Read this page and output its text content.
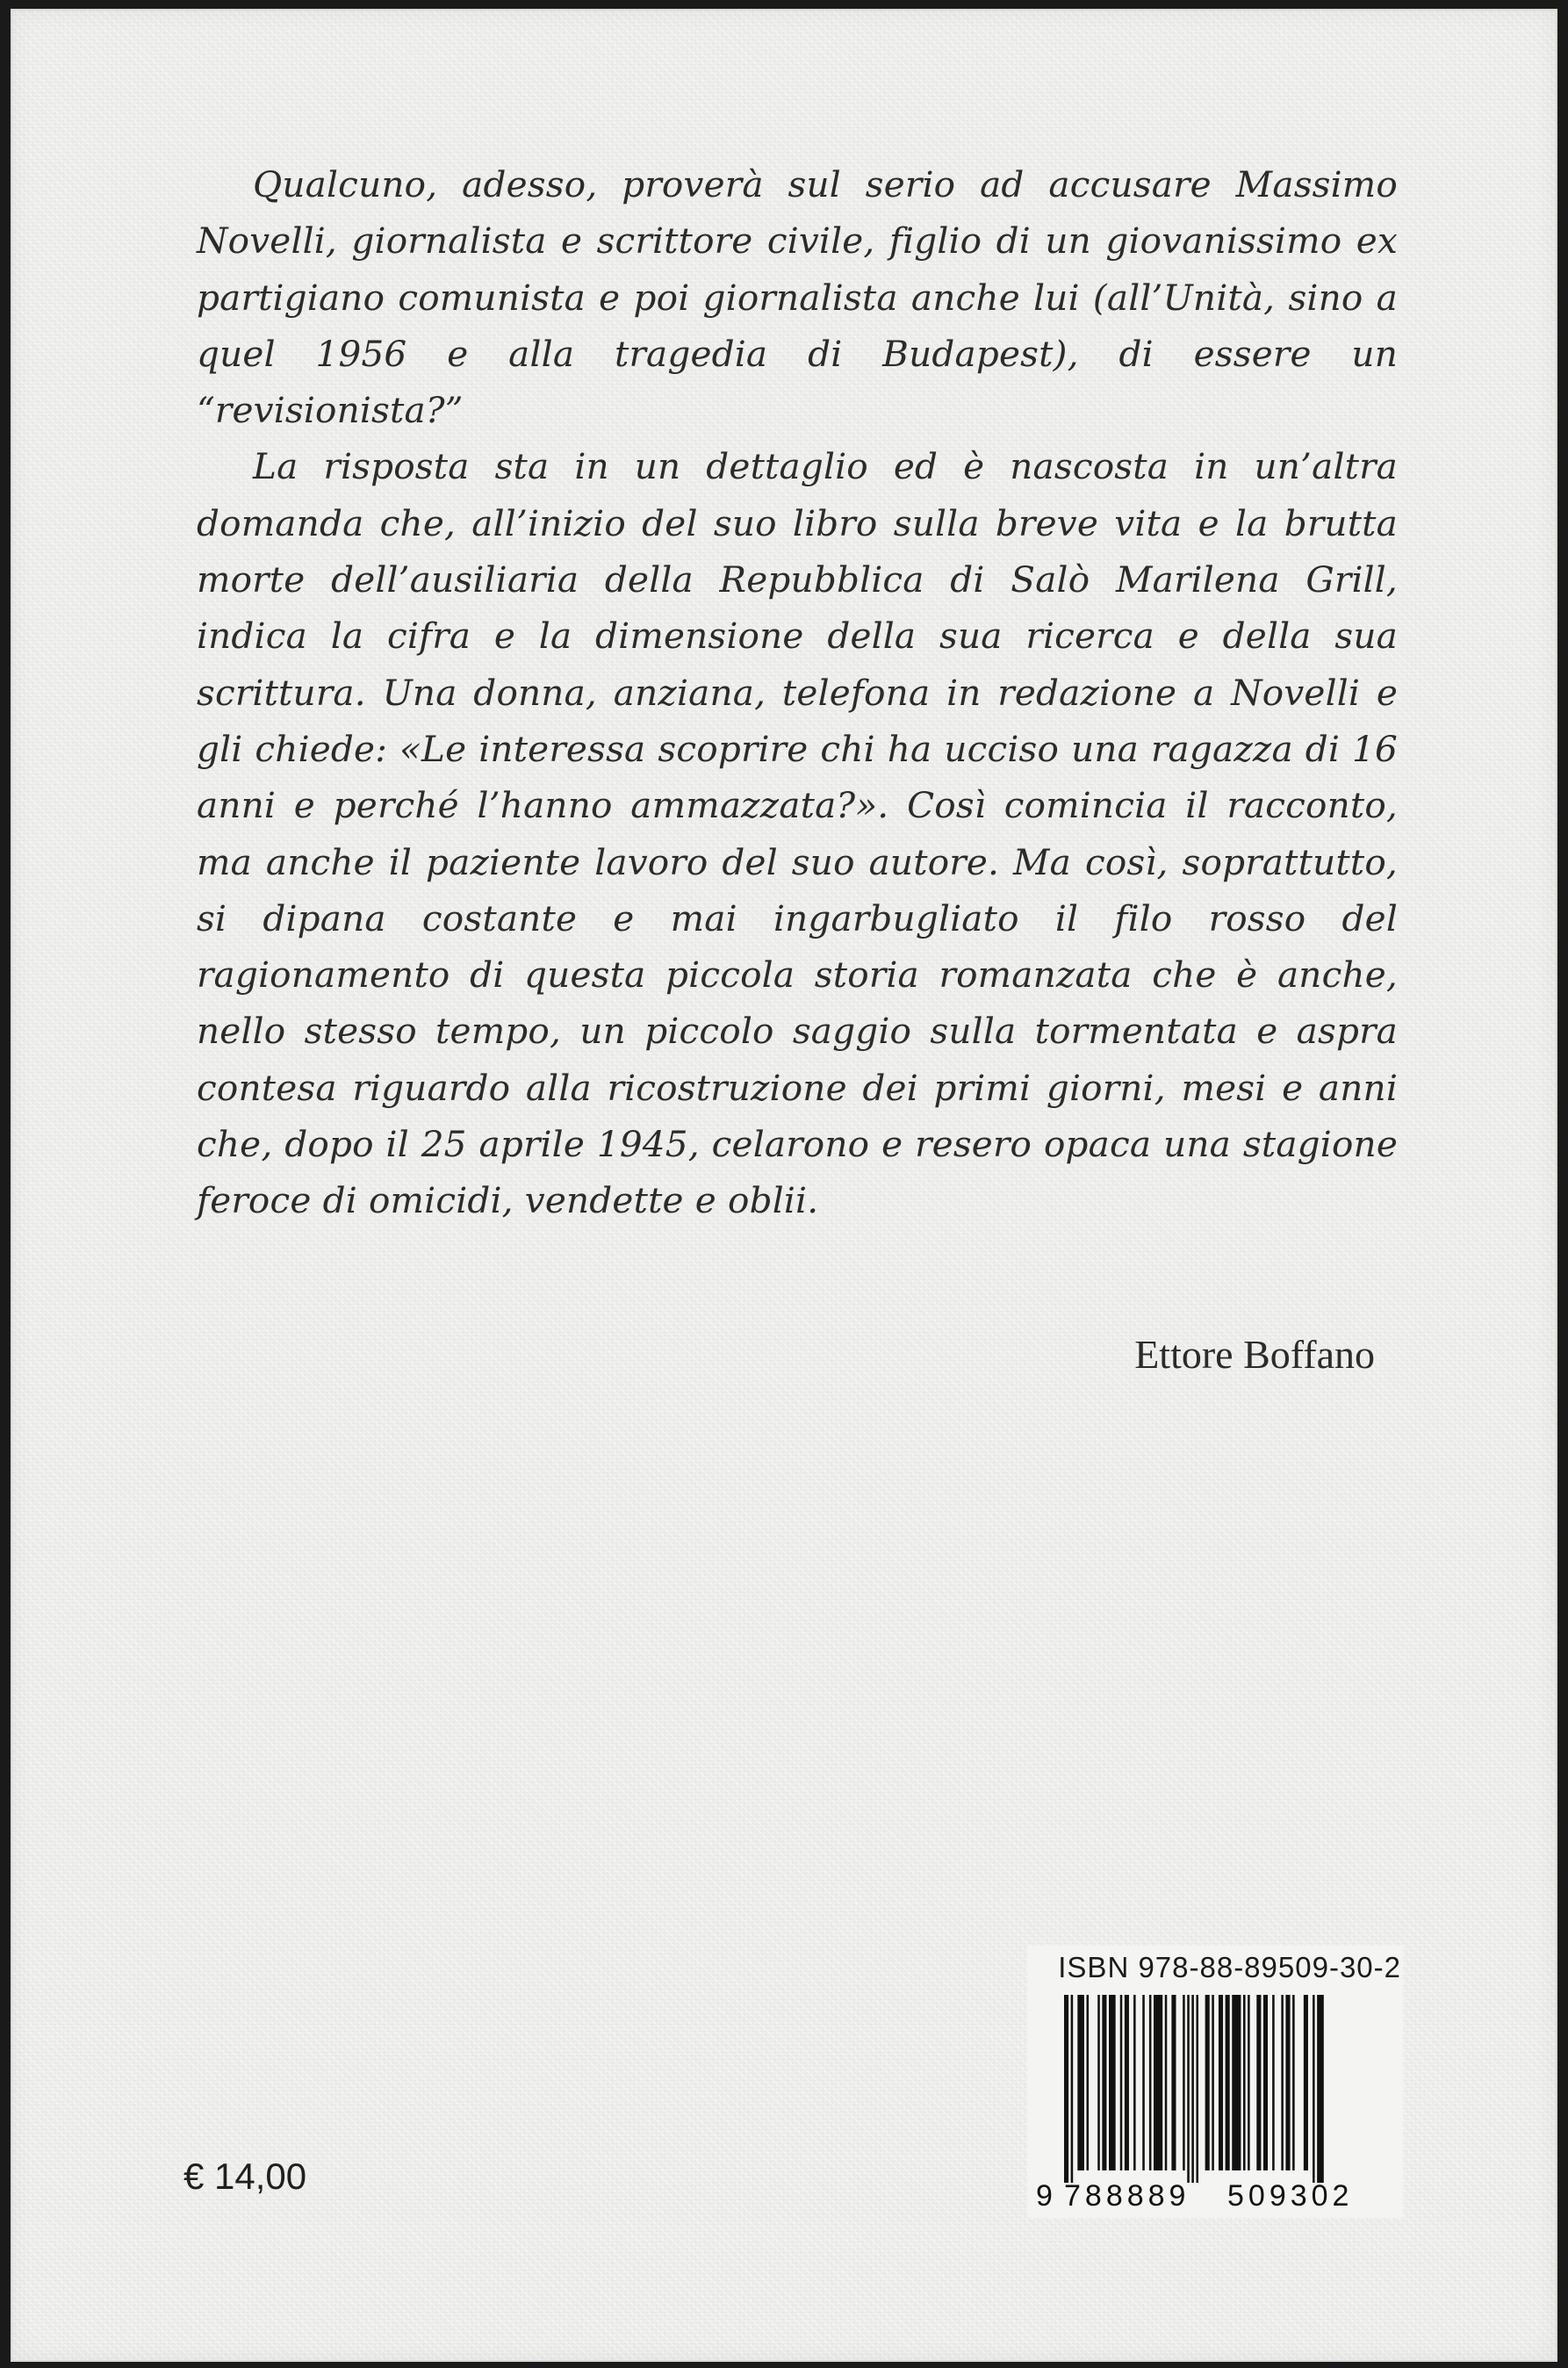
Qualcuno, adesso, proverà sul serio ad accusare Massimo Novelli, giornalista e scrittore civile, figlio di un giovanissimo ex partigiano comunista e poi giornalista anche lui (all’Unità, sino a quel 1956 e alla tragedia di Budapest), di essere un “revisionista?”

La risposta sta in un dettaglio ed è nascosta in un’altra domanda che, all’inizio del suo libro sulla breve vita e la brutta morte dell’ausiliaria della Repubblica di Salò Marilena Grill, indica la cifra e la dimensione della sua ricerca e della sua scrittura. Una donna, anziana, telefona in redazione a Novelli e gli chiede: «Le interessa scoprire chi ha ucciso una ragazza di 16 anni e perché l’hanno ammazzata?». Così comincia il racconto, ma anche il paziente lavoro del suo autore. Ma così, soprattutto, si dipana costante e mai ingarbugliato il filo rosso del ragionamento di questa piccola storia romanzata che è anche, nello stesso tempo, un piccolo saggio sulla tormentata e aspra contesa riguardo alla ricostruzione dei primi giorni, mesi e anni che, dopo il 25 aprile 1945, celarono e resero opaca una stagione feroce di omicidi, vendette e oblii.

Ettore Boffano
€ 14,00
ISBN 978-88-89509-30-2
9 788889 509302
